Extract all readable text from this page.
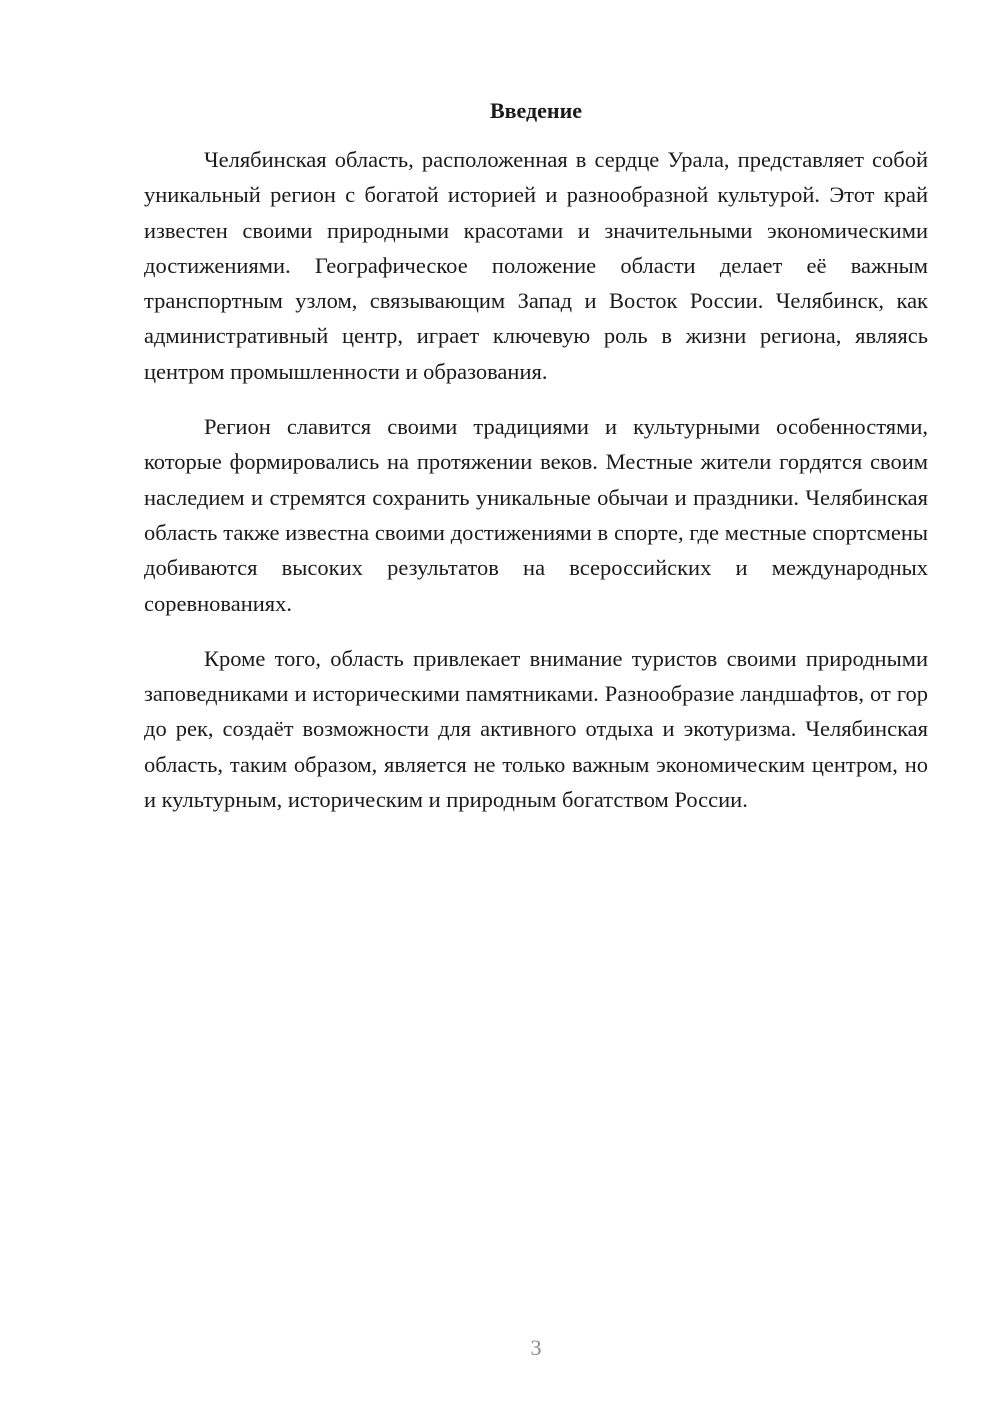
Введение

Челябинская область, расположенная в сердце Урала, представляет собой уникальный регион с богатой историей и разнообразной культурой. Этот край известен своими природными красотами и значительными экономическими достижениями. Географическое положение области делает её важным транспортным узлом, связывающим Запад и Восток России. Челябинск, как административный центр, играет ключевую роль в жизни региона, являясь центром промышленности и образования.

Регион славится своими традициями и культурными особенностями, которые формировались на протяжении веков. Местные жители гордятся своим наследием и стремятся сохранить уникальные обычаи и праздники. Челябинская область также известна своими достижениями в спорте, где местные спортсмены добиваются высоких результатов на всероссийских и международных соревнованиях.

Кроме того, область привлекает внимание туристов своими природными заповедниками и историческими памятниками. Разнообразие ландшафтов, от гор до рек, создаёт возможности для активного отдыха и экотуризма. Челябинская область, таким образом, является не только важным экономическим центром, но и культурным, историческим и природным богатством России.

3
